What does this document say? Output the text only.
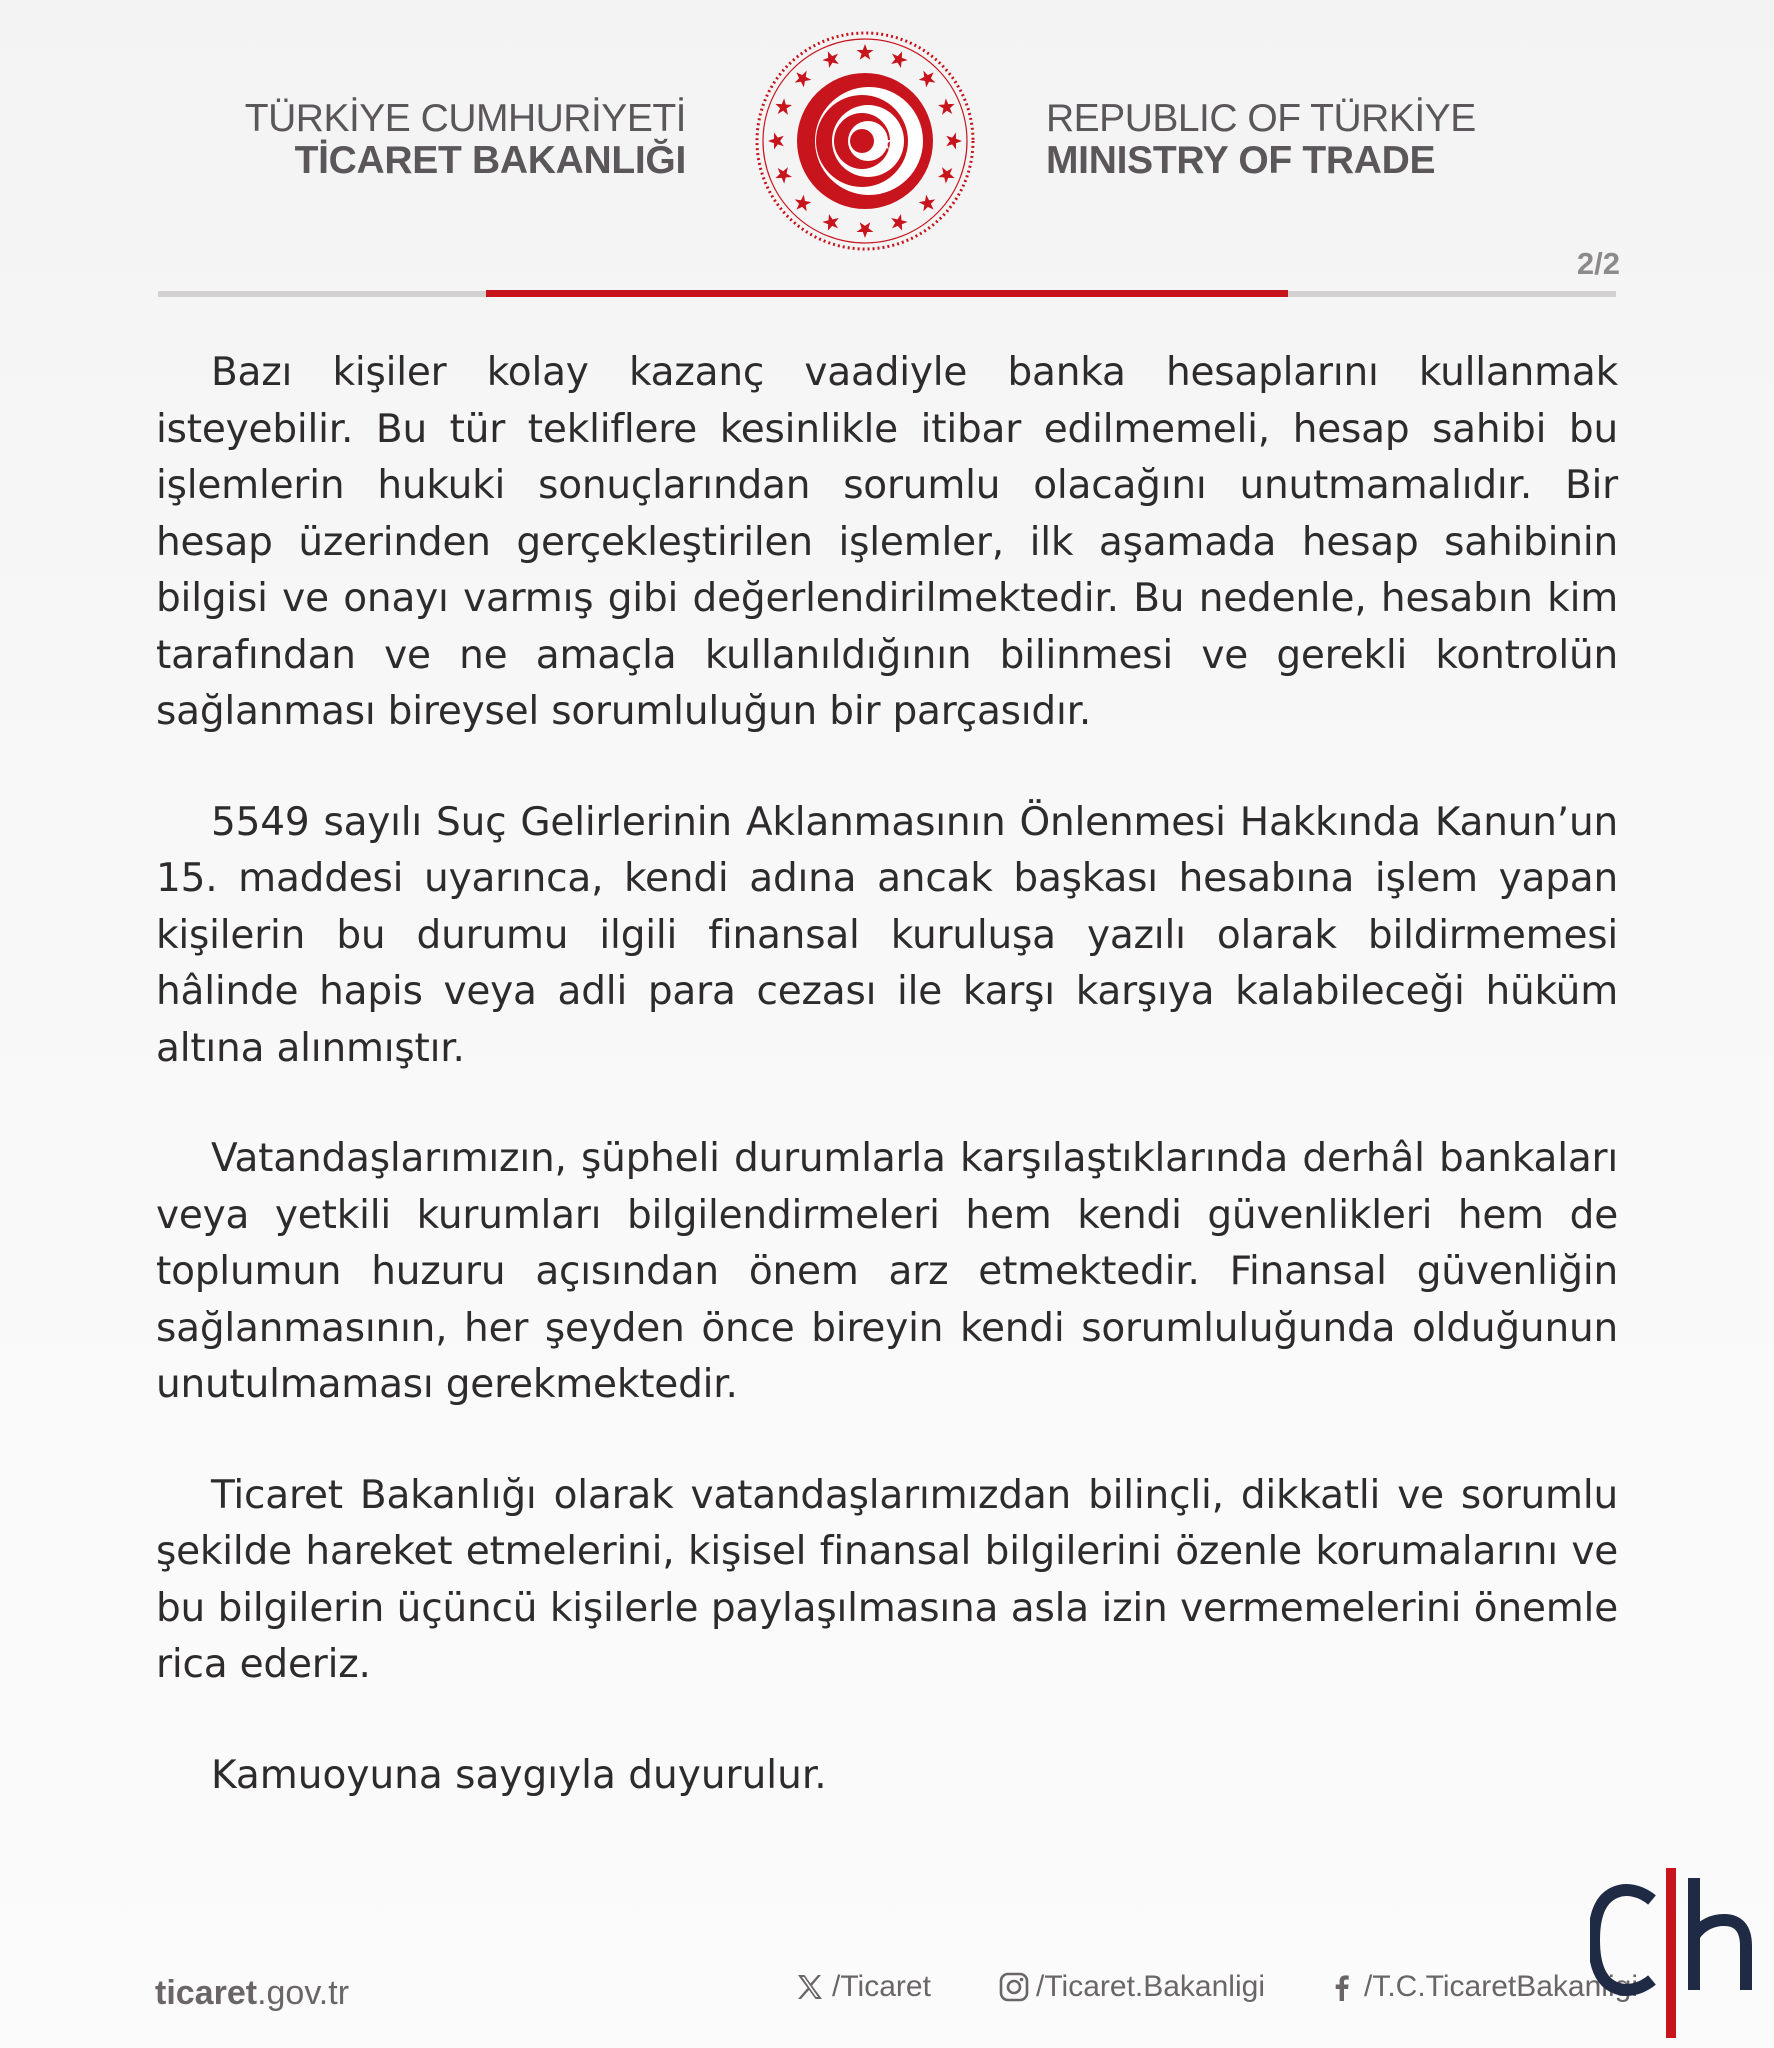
TÜRKİYE CUMHURİYETİ
TİCARET BAKANLIĞI
REPUBLIC OF TÜRKİYE
MINISTRY OF TRADE
2/2

Bazı kişiler kolay kazanç vaadiyle banka hesaplarını kullanmak isteyebilir. Bu tür tekliflere kesinlikle itibar edilmemeli, hesap sahibi bu işlemlerin hukuki sonuçlarından sorumlu olacağını unutmamalıdır. Bir hesap üzerinden gerçekleştirilen işlemler, ilk aşamada hesap sahibinin bilgisi ve onayı varmış gibi değerlendirilmektedir. Bu nedenle, hesabın kim tarafından ve ne amaçla kullanıldığının bilinmesi ve gerekli kontrolün sağlanması bireysel sorumluluğun bir parçasıdır.

5549 sayılı Suç Gelirlerinin Aklanmasının Önlenmesi Hakkında Kanun’un 15. maddesi uyarınca, kendi adına ancak başkası hesabına işlem yapan kişilerin bu durumu ilgili finansal kuruluşa yazılı olarak bildirmemesi hâlinde hapis veya adli para cezası ile karşı karşıya kalabileceği hüküm altına alınmıştır.

Vatandaşlarımızın, şüpheli durumlarla karşılaştıklarında derhâl bankaları veya yetkili kurumları bilgilendirmeleri hem kendi güvenlikleri hem de toplumun huzuru açısından önem arz etmektedir. Finansal güvenliğin sağlanmasının, her şeyden önce bireyin kendi sorumluluğunda olduğunun unutulmaması gerekmektedir.

Ticaret Bakanlığı olarak vatandaşlarımızdan bilinçli, dikkatli ve sorumlu şekilde hareket etmelerini, kişisel finansal bilgilerini özenle korumalarını ve bu bilgilerin üçüncü kişilerle paylaşılmasına asla izin vermemelerini önemle rica ederiz.

Kamuoyuna saygıyla duyurulur.

ticaret.gov.tr	/Ticaret	/Ticaret.Bakanligi	/T.C.TicaretBakanligi
